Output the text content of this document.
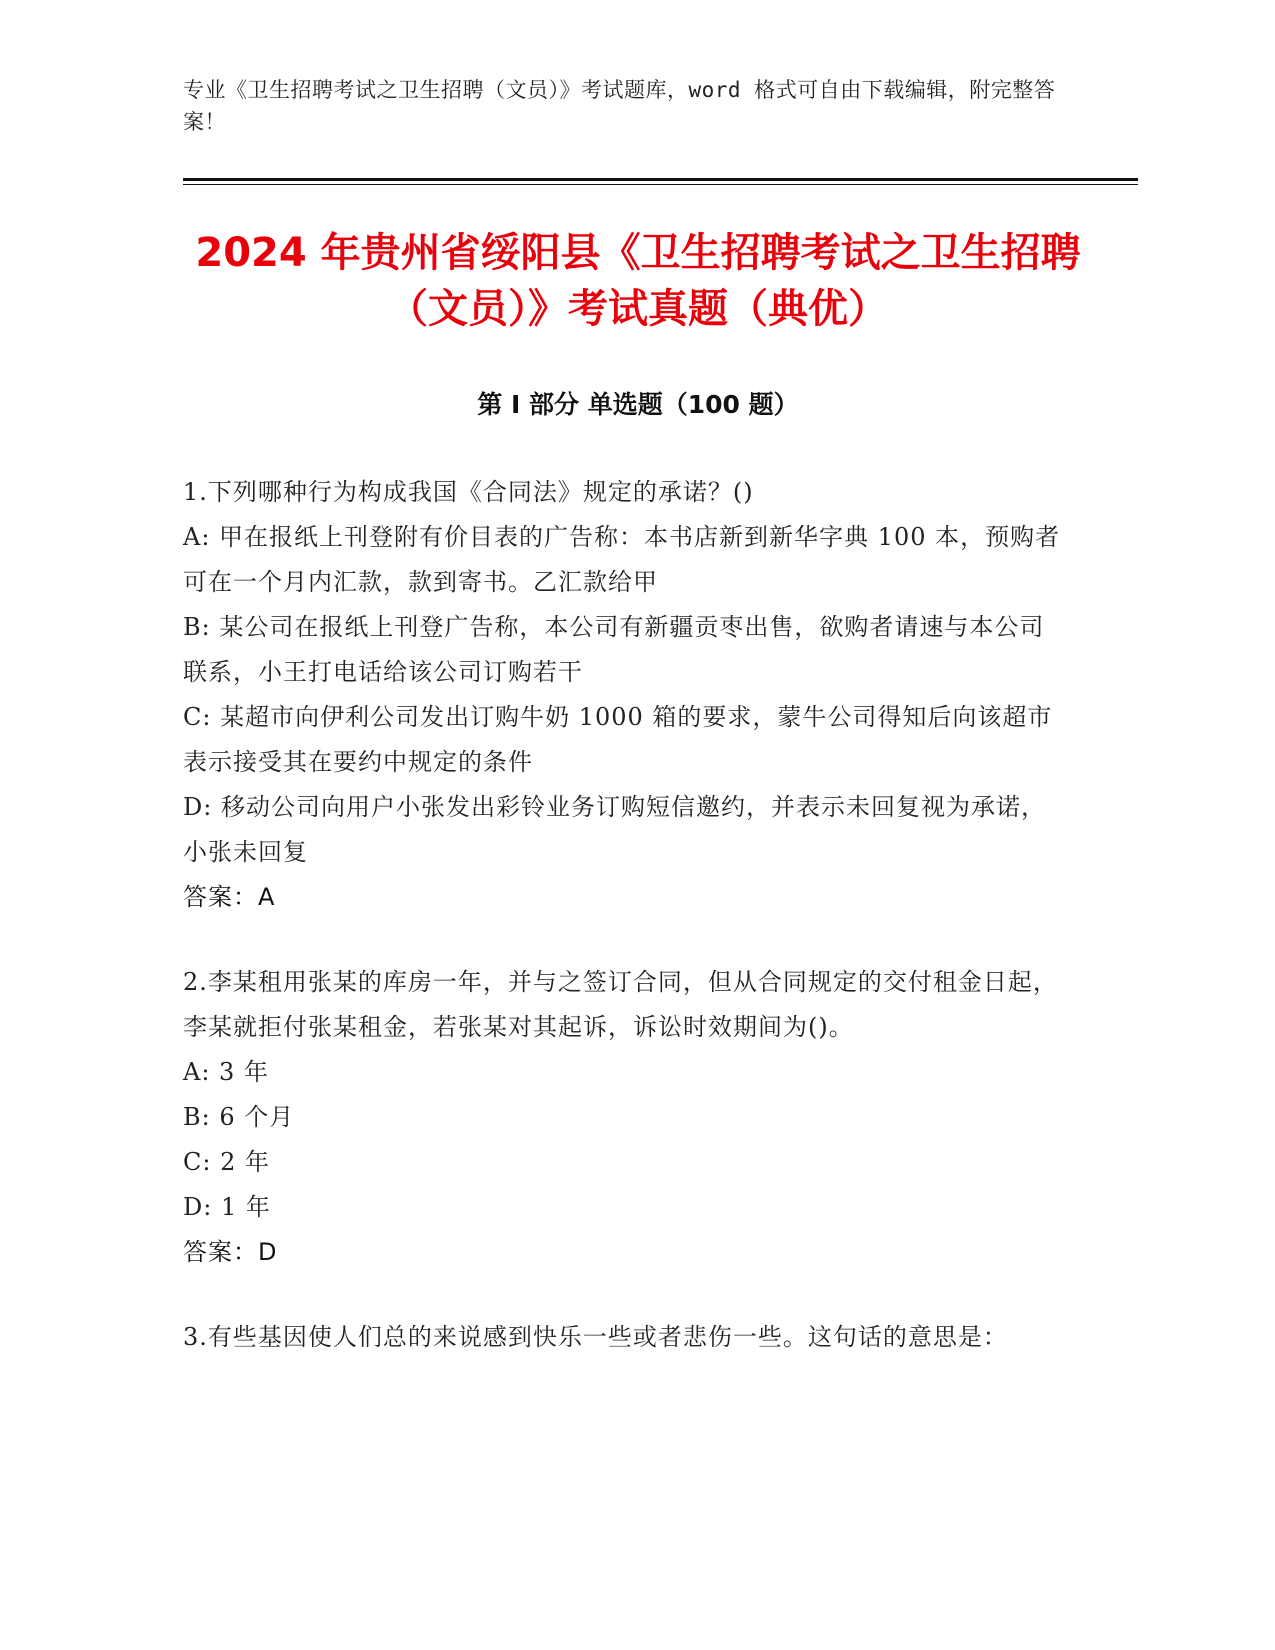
专业《卫生招聘考试之卫生招聘（文员）》考试题库，word 格式可自由下载编辑，附完整答案！
2024 年贵州省绥阳县《卫生招聘考试之卫生招聘（文员）》考试真题（典优）
第 I 部分 单选题（100 题）
1.下列哪种行为构成我国《合同法》规定的承诺？()
A: 甲在报纸上刊登附有价目表的广告称：本书店新到新华字典 100 本，预购者可在一个月内汇款，款到寄书。乙汇款给甲
B: 某公司在报纸上刊登广告称，本公司有新疆贡枣出售，欲购者请速与本公司联系，小王打电话给该公司订购若干
C: 某超市向伊利公司发出订购牛奶 1000 箱的要求，蒙牛公司得知后向该超市表示接受其在要约中规定的条件
D: 移动公司向用户小张发出彩铃业务订购短信邀约，并表示未回复视为承诺，小张未回复
答案：A
2.李某租用张某的库房一年，并与之签订合同，但从合同规定的交付租金日起，李某就拒付张某租金，若张某对其起诉，诉讼时效期间为()。
A: 3 年
B: 6 个月
C: 2 年
D: 1 年
答案：D
3.有些基因使人们总的来说感到快乐一些或者悲伤一些。这句话的意思是：
